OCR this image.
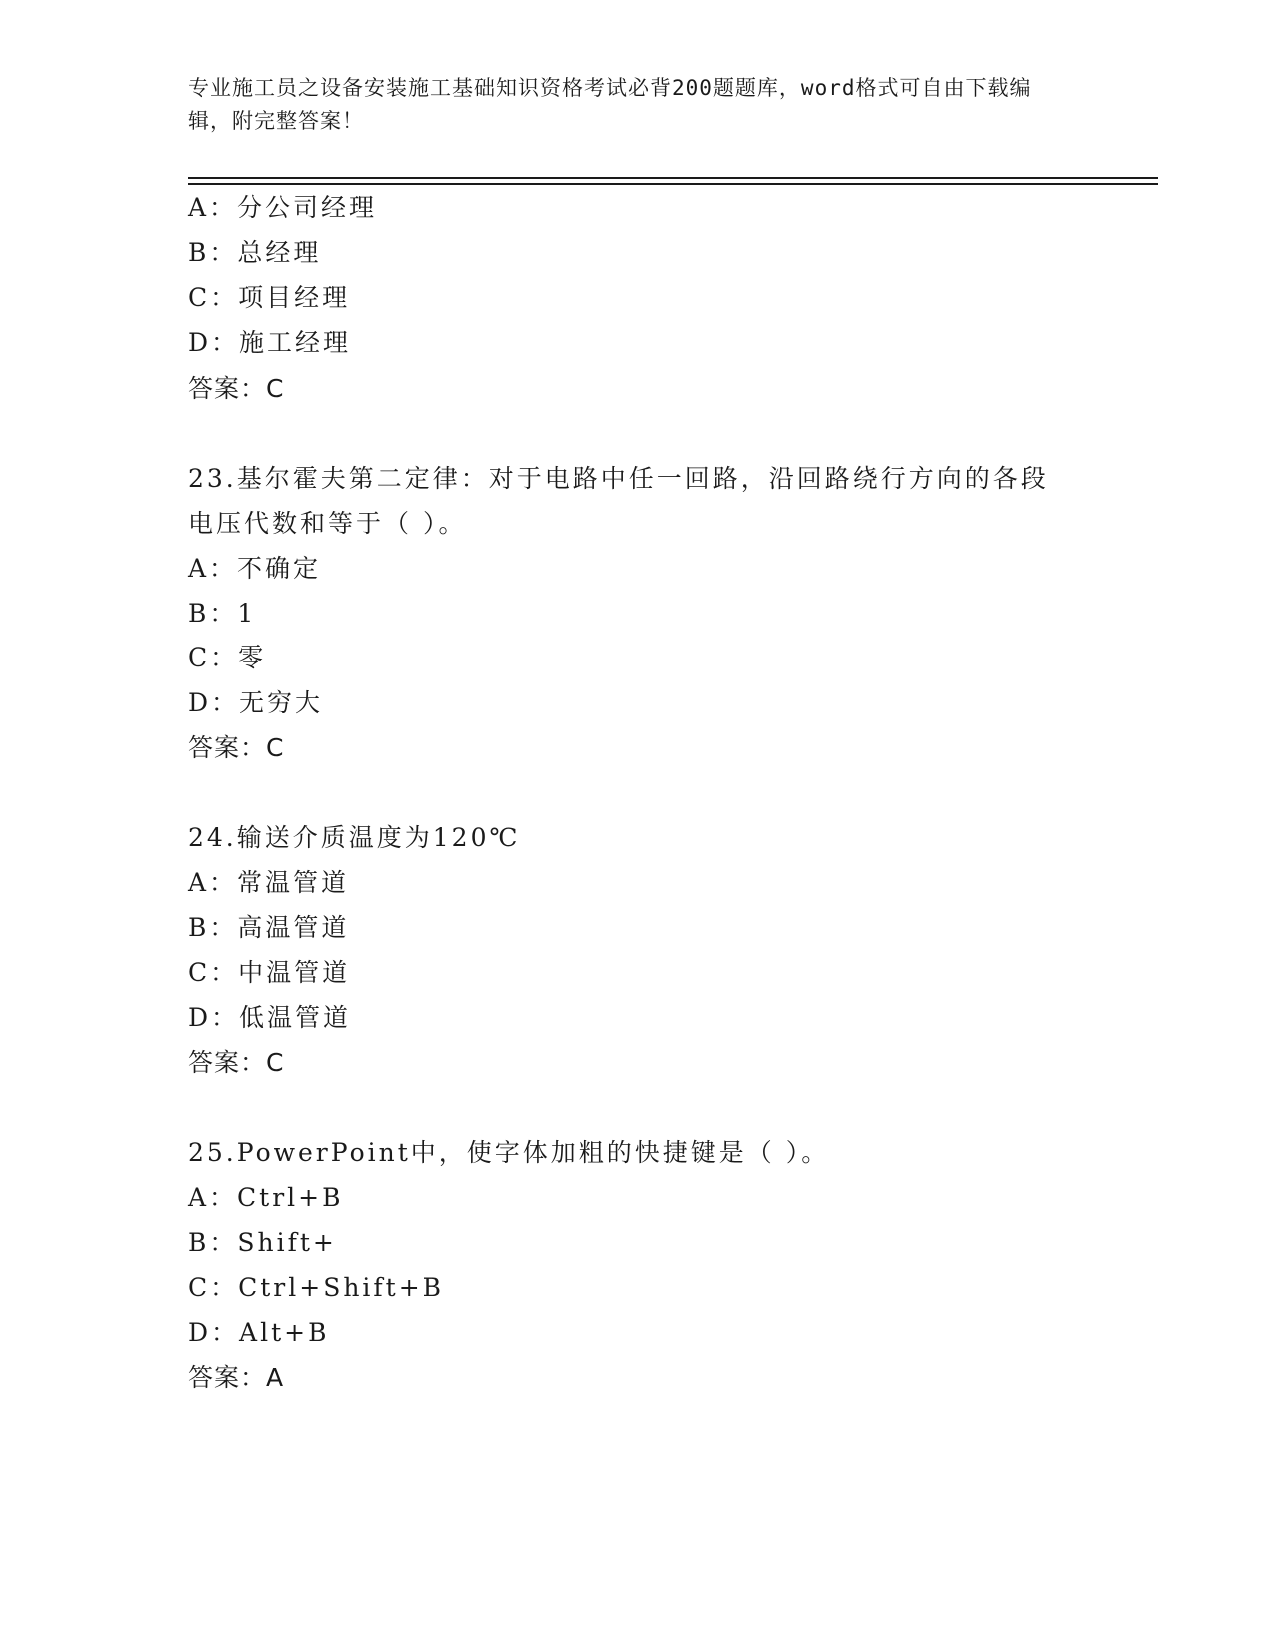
专业施工员之设备安装施工基础知识资格考试必背200题题库，word格式可自由下载编辑，附完整答案！
A：分公司经理
B：总经理
C：项目经理
D：施工经理
答案：C
23.基尔霍夫第二定律：对于电路中任一回路，沿回路绕行方向的各段
电压代数和等于（ ）。
A：不确定
B：1
C：零
D：无穷大
答案：C
24.输送介质温度为120℃
A：常温管道
B：高温管道
C：中温管道
D：低温管道
答案：C
25.PowerPoint中，使字体加粗的快捷键是（ ）。
A：Ctrl+B
B：Shift+
C：Ctrl+Shift+B
D：Alt+B
答案：A
